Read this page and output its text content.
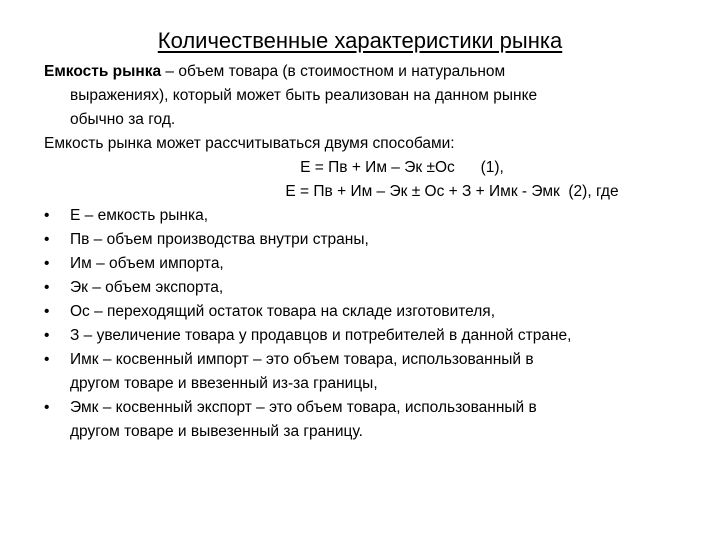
Количественные характеристики рынка
Емкость рынка – объем товара (в стоимостном и натуральном
выражениях), который может быть реализован на данном рынке
обычно за год.
Емкость рынка может рассчитываться двумя способами:
Е = Пв + Им – Эк ±Ос      (1),
Е = Пв + Им – Эк ± Ос + З + Имк - Эмк  (2), где
•	Е – емкость рынка,
•	Пв – объем производства внутри страны,
•	Им – объем импорта,
•	Эк – объем экспорта,
•	Ос – переходящий остаток товара на складе изготовителя,
•	З – увеличение товара у продавцов и потребителей в данной стране,
•	Имк – косвенный импорт – это объем товара, использованный в
другом товаре и ввезенный из-за границы,
•	Эмк – косвенный экспорт – это объем товара, использованный в
другом товаре и вывезенный за границу.
